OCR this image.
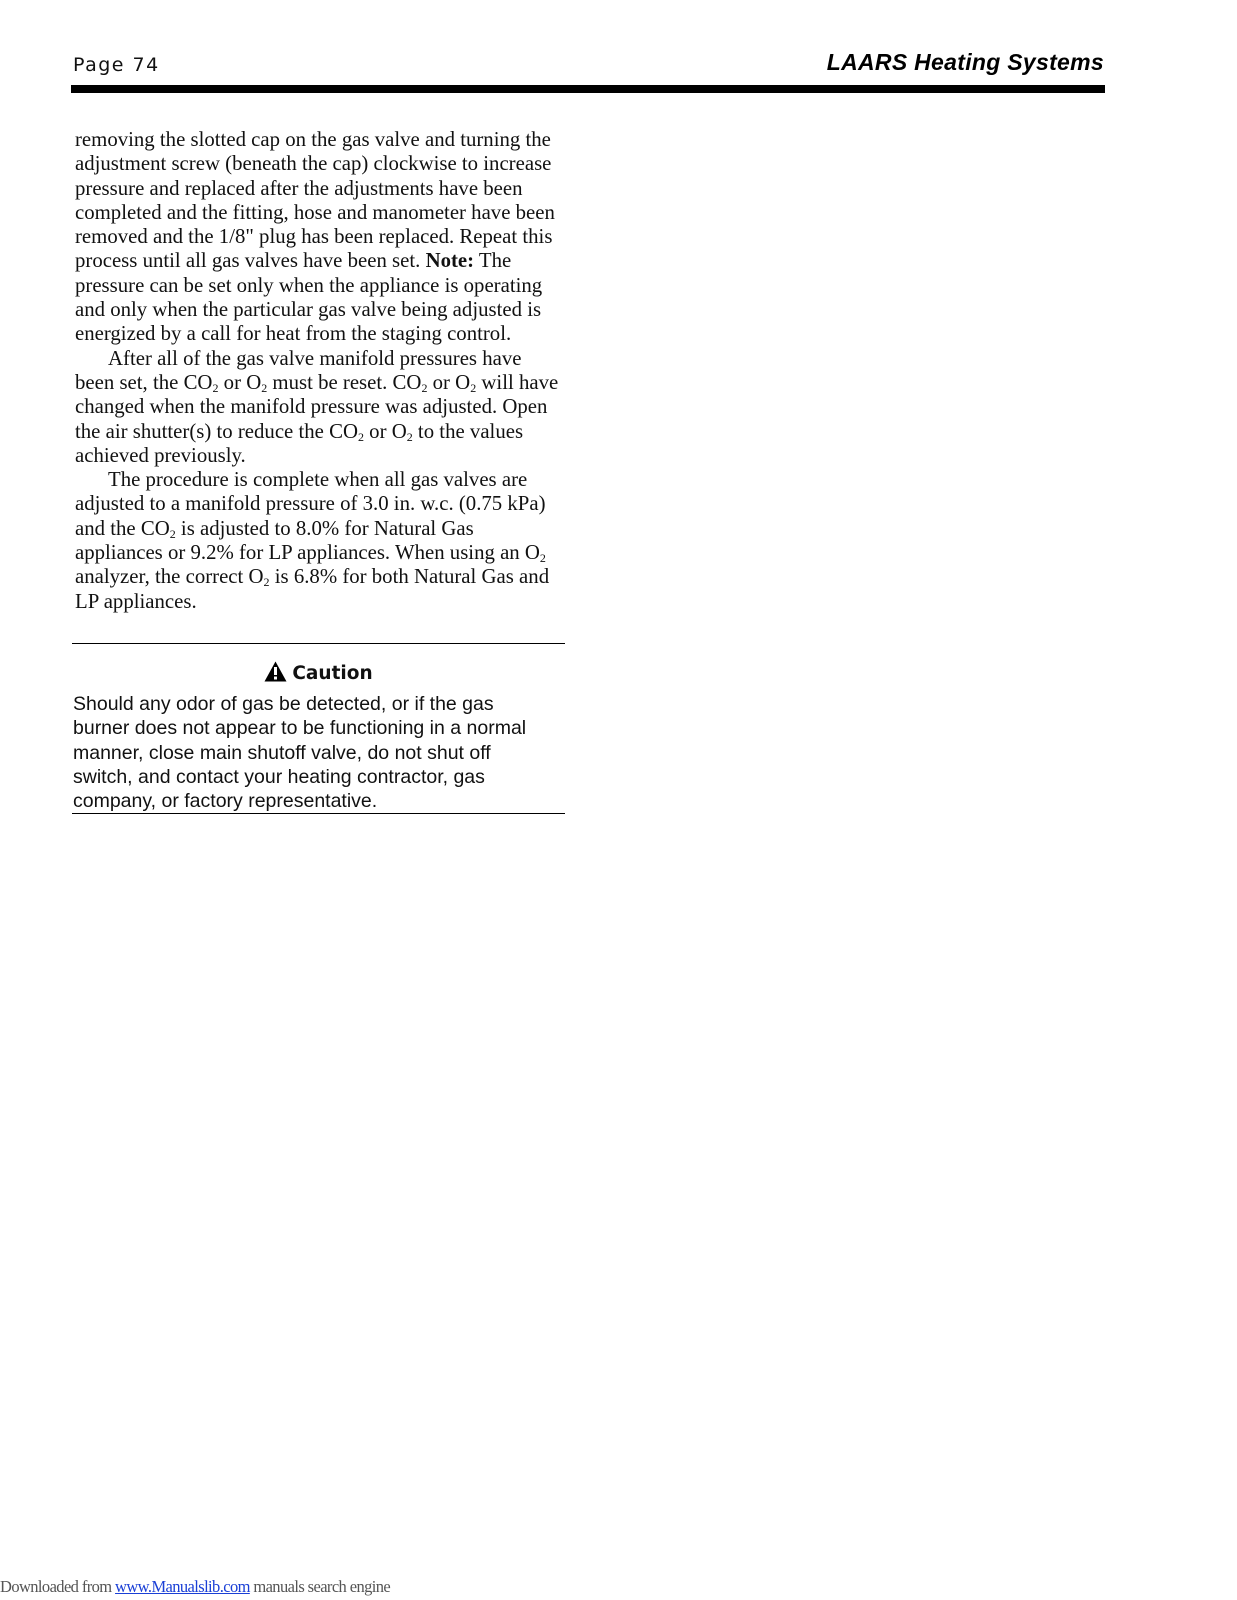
Page 74	LAARS Heating Systems

removing the slotted cap on the gas valve and turning the adjustment screw (beneath the cap) clockwise to increase pressure and replaced after the adjustments have been completed and the fitting, hose and manometer have been removed and the 1/8" plug has been replaced. Repeat this process until all gas valves have been set. Note: The pressure can be set only when the appliance is operating and only when the particular gas valve being adjusted is energized by a call for heat from the staging control.

After all of the gas valve manifold pressures have been set, the $CO_2$ or $O_2$ must be reset. $CO_2$ or $O_2$ will have changed when the manifold pressure was adjusted. Open the air shutter(s) to reduce the $CO_2$ or $O_2$ to the values achieved previously.

The procedure is complete when all gas valves are adjusted to a manifold pressure of 3.0 in. w.c. (0.75 kPa) and the $CO_2$ is adjusted to 8.0% for Natural Gas appliances or 9.2% for LP appliances. When using an $O_2$ analyzer, the correct $O_2$ is 6.8% for both Natural Gas and LP appliances.

Caution
Should any odor of gas be detected, or if the gas burner does not appear to be functioning in a normal manner, close main shutoff valve, do not shut off switch, and contact your heating contractor, gas company, or factory representative.
Downloaded from www.Manualslib.com manuals search engine
